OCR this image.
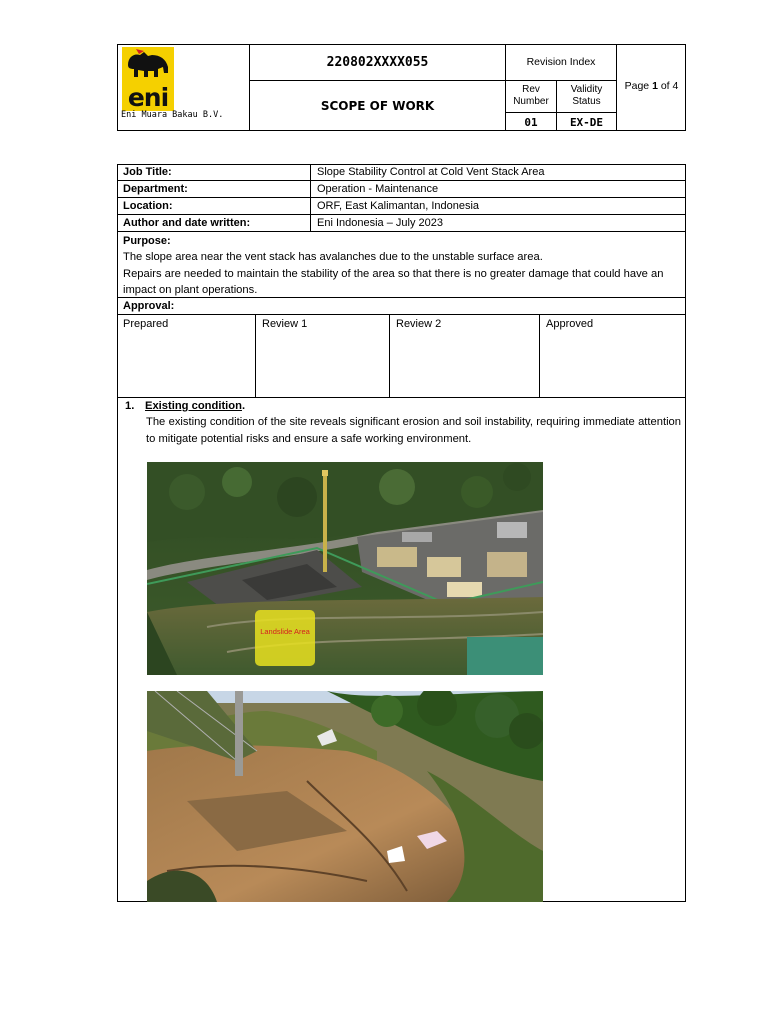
eni
Eni Muara Bakau B.V.
220802XXXX055
SCOPE OF WORK
Revision Index
Rev Number
Validity Status
01	EX-DE
Page 1 of 4
Job Title:	Slope Stability Control at Cold Vent Stack Area
Department:	Operation - Maintenance
Location:	ORF, East Kalimantan, Indonesia
Author and date written:	Eni Indonesia – July 2023
Purpose:
The slope area near the vent stack has avalanches due to the unstable surface area.
Repairs are needed to maintain the stability of the area so that there is no greater damage that could have an impact on plant operations.
Approval:
Prepared	Review 1	Review 2	Approved
1. Existing condition.
The existing condition of the site reveals significant erosion and soil instability, requiring immediate attention to mitigate potential risks and ensure a safe working environment.
Landslide Area
